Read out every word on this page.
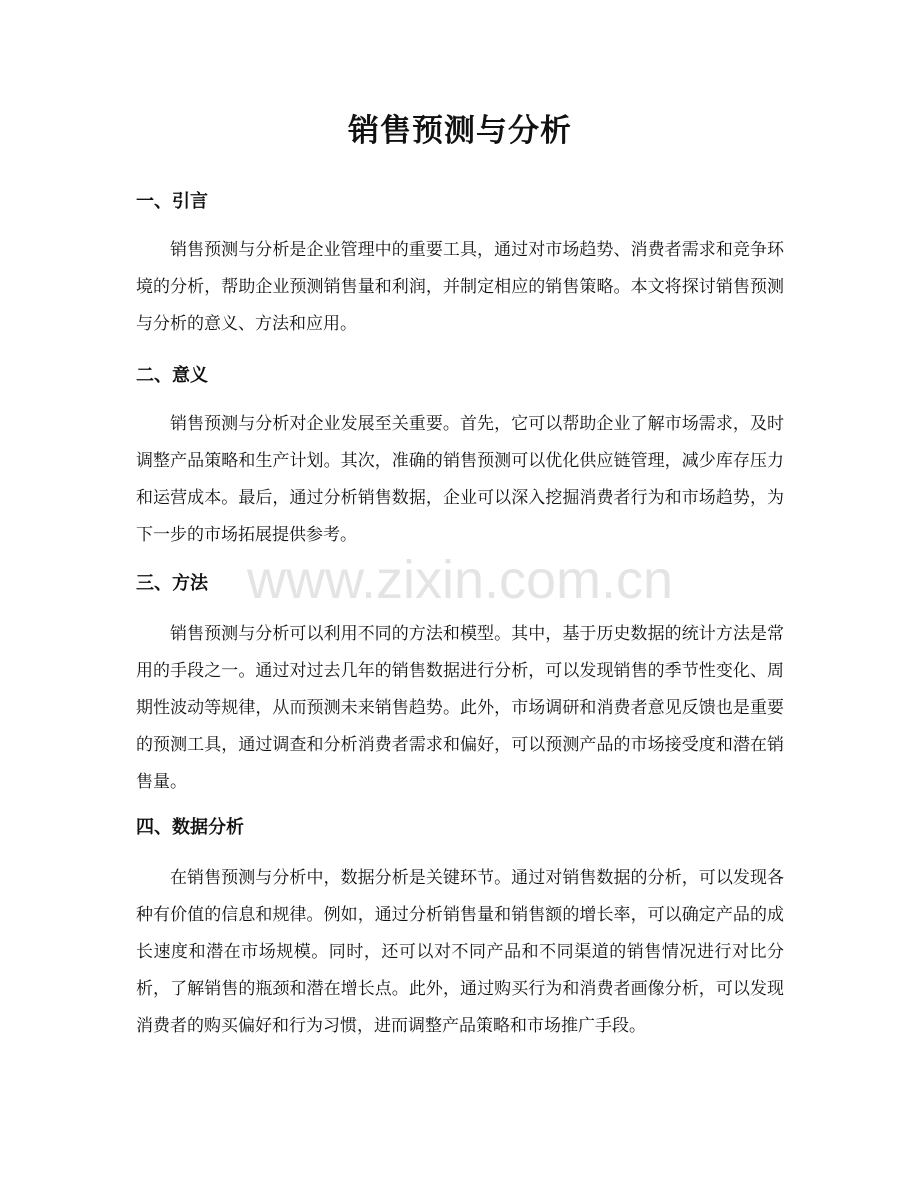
销售预测与分析
一、引言

销售预测与分析是企业管理中的重要工具，通过对市场趋势、消费者需求和竞争环境的分析，帮助企业预测销售量和利润，并制定相应的销售策略。本文将探讨销售预测与分析的意义、方法和应用。

二、意义

销售预测与分析对企业发展至关重要。首先，它可以帮助企业了解市场需求，及时调整产品策略和生产计划。其次，准确的销售预测可以优化供应链管理，减少库存压力和运营成本。最后，通过分析销售数据，企业可以深入挖掘消费者行为和市场趋势，为下一步的市场拓展提供参考。

三、方法

销售预测与分析可以利用不同的方法和模型。其中，基于历史数据的统计方法是常用的手段之一。通过对过去几年的销售数据进行分析，可以发现销售的季节性变化、周期性波动等规律，从而预测未来销售趋势。此外，市场调研和消费者意见反馈也是重要的预测工具，通过调查和分析消费者需求和偏好，可以预测产品的市场接受度和潜在销售量。

四、数据分析

在销售预测与分析中，数据分析是关键环节。通过对销售数据的分析，可以发现各种有价值的信息和规律。例如，通过分析销售量和销售额的增长率，可以确定产品的成长速度和潜在市场规模。同时，还可以对不同产品和不同渠道的销售情况进行对比分析，了解销售的瓶颈和潜在增长点。此外，通过购买行为和消费者画像分析，可以发现消费者的购买偏好和行为习惯，进而调整产品策略和市场推广手段。

www.zixin.com.cn
